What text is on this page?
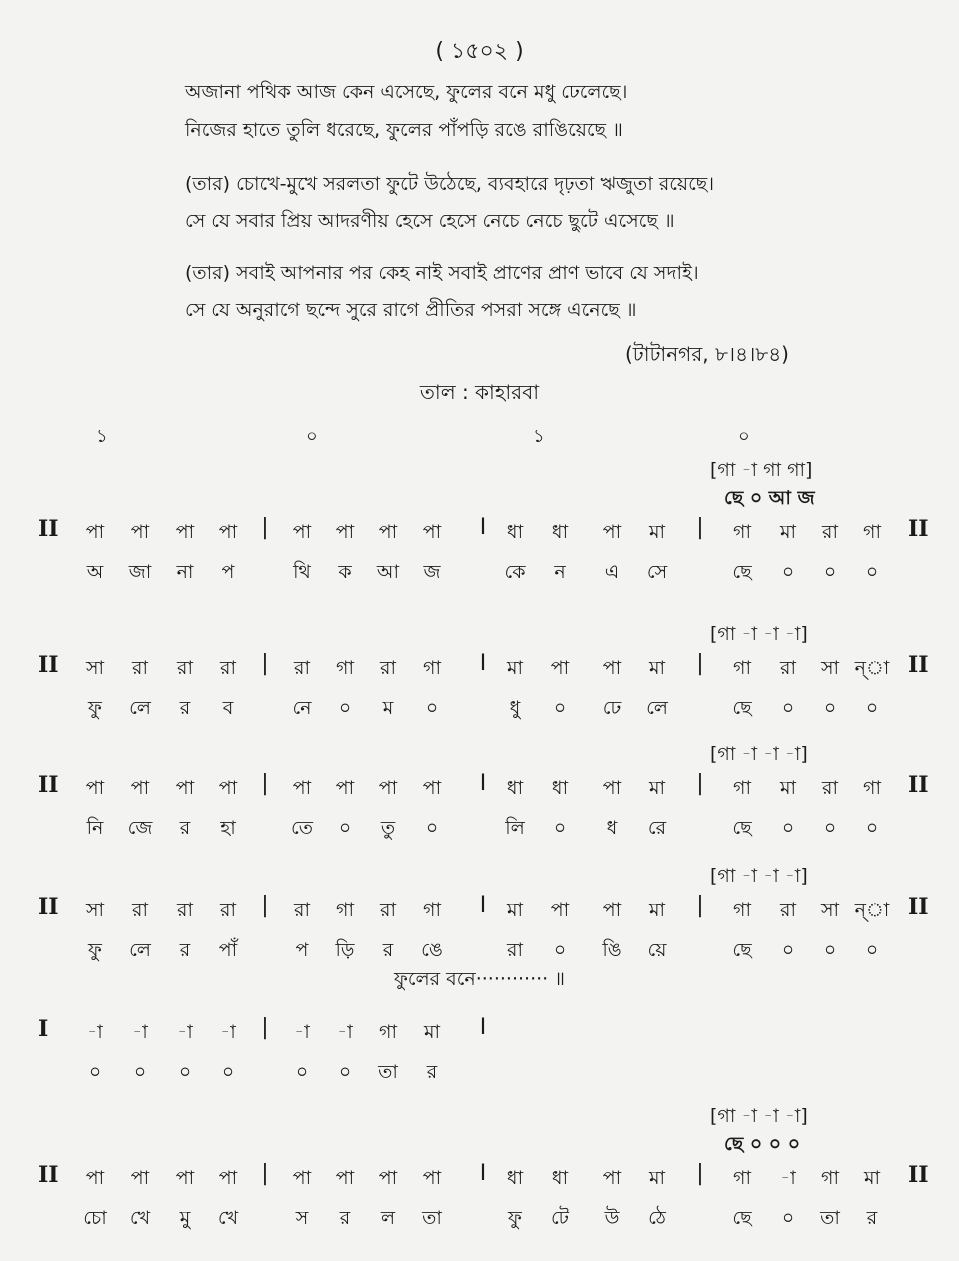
( ১৫০২ )
অজানা পথিক আজ কেন এসেছে, ফুলের বনে মধু ঢেলেছে।
নিজের হাতে তুলি ধরেছে, ফুলের পাঁপড়ি রঙে রাঙিয়েছে ॥
(তার) চোখে-মুখে সরলতা ফুটে উঠেছে, ব্যবহারে দৃঢ়তা ঋজুতা রয়েছে।
সে যে সবার প্রিয় আদরণীয় হেসে হেসে নেচে নেচে ছুটে এসেছে ॥
(তার) সবাই আপনার পর কেহ নাই সবাই প্রাণের প্রাণ ভাবে যে সদাই।
সে যে অনুরাগে ছন্দে সুরে রাগে প্রীতির পসরা সঙ্গে এনেছে ॥
(টাটানগর, ৮।৪।৮৪)
তাল : কাহারবা
১	০	১	০
[গা -া গা গা]
ছে ০ আ জ
II	II
|	I	|
পা পা পা পা	পা পা পা পা	ধা ধা পা মা	গা মা রা গা
অ জা না প	থি ক আ জ	কে ন এ সে	ছে ০ ০ ০
[গা -া -া -া]
II	II
|	I	|
সা রা রা রা	রা গা রা গা	মা পা পা মা	গা রা সা ন্া
ফু লে র ব	নে ০ ম ০	ধু ০ ঢে লে	ছে ০ ০ ০
[গা -া -া -া]
II	II
|	I	|
পা পা পা পা	পা পা পা পা	ধা ধা পা মা	গা মা রা গা
নি জে র হা	তে ০ তু ০	লি ০ ধ রে	ছে ০ ০ ০
[গা -া -া -া]
II	II
|	I	|
সা রা রা রা	রা গা রা গা	মা পা পা মা	গা রা সা ন্া
ফু লে র পাঁ	প ড়ি র ঙে	রা ০ ঙি য়ে	ছে ০ ০ ০
I	|	I
-া -া -া -া	-া -া গা মা
০ ০ ০ ০	০ ০ তা র
[গা -া -া -া]
ছে ০ ০ ০
II	II
|	I	|
পা পা পা পা	পা পা পা পা	ধা ধা পা মা	গা -া গা মা
চো খে মু খে	স র ল তা	ফু টে উ ঠে	ছে ০ তা র
ফুলের বনে············ ॥
